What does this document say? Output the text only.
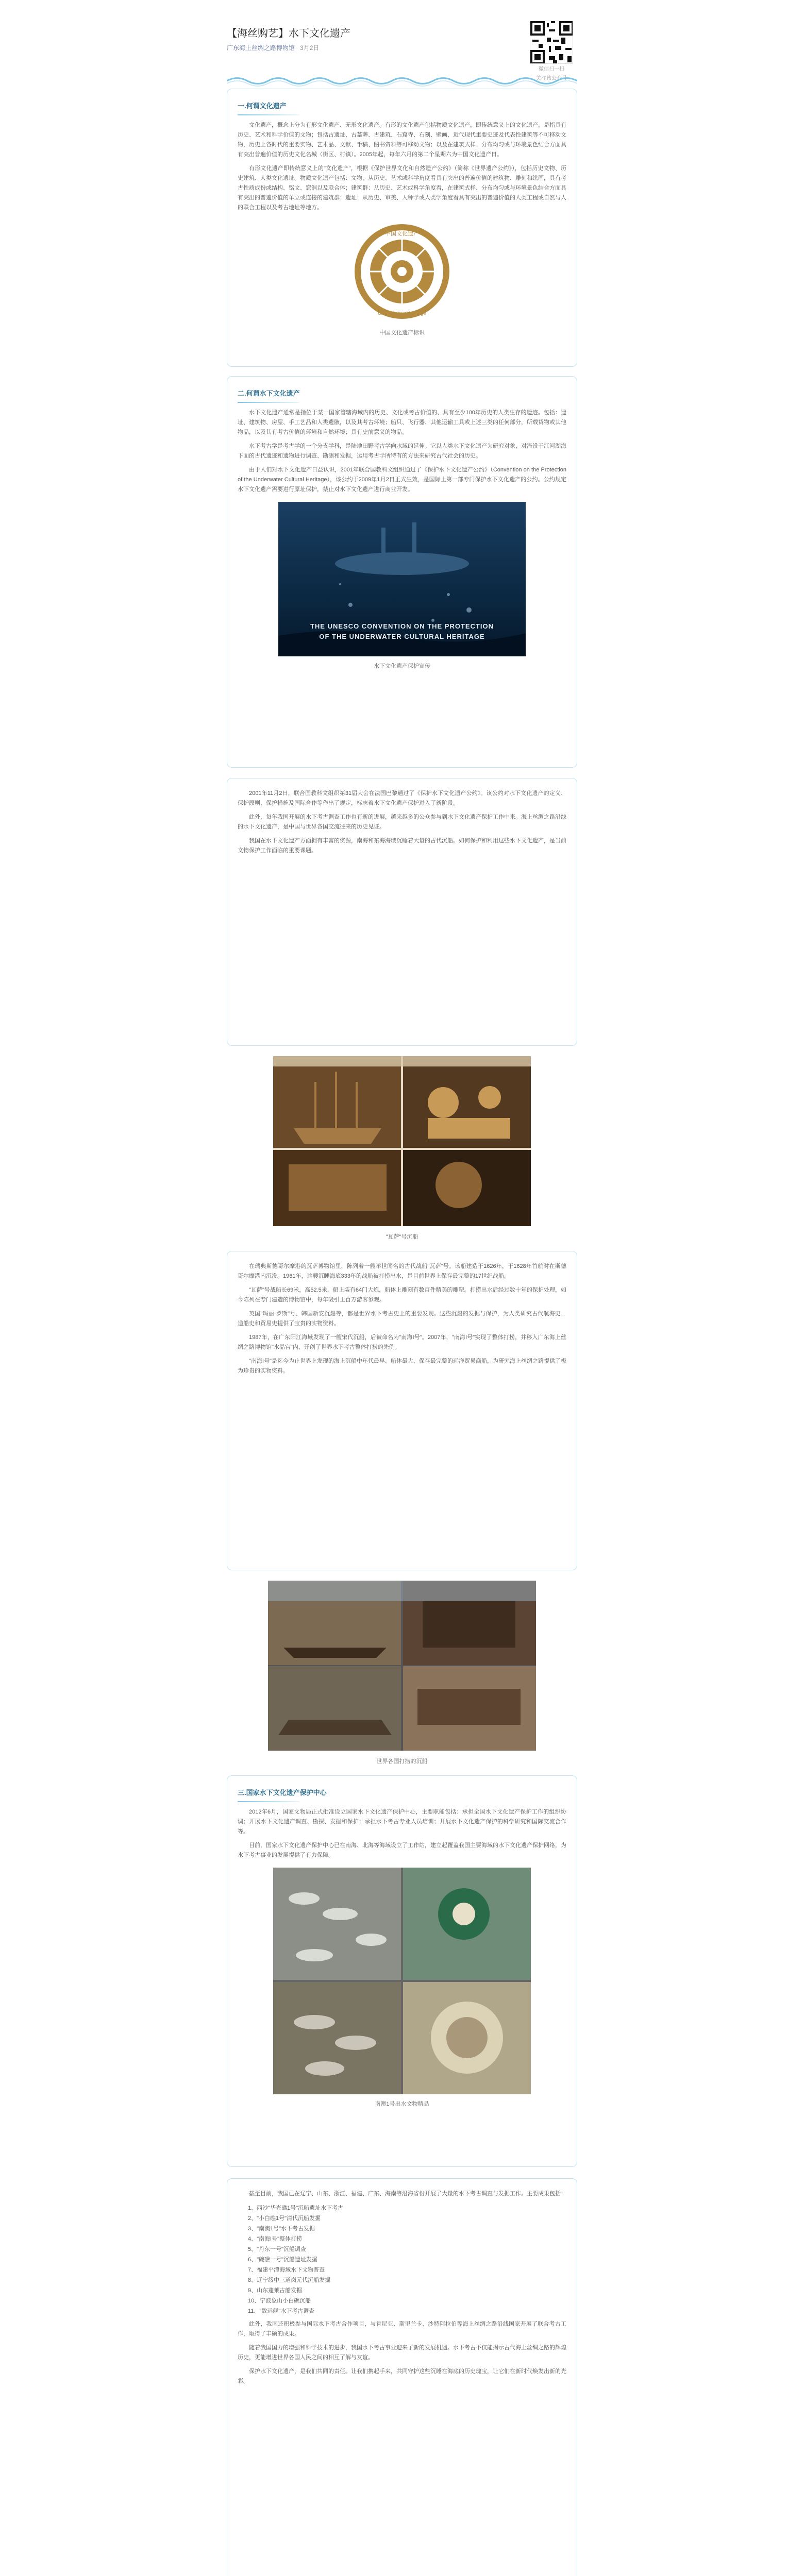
【海丝购艺】水下文化遗产
广东海上丝绸之路博物馆 3月2日
微信扫一扫
关注该公众号
一.何谓文化遗产

文化遗产，概念上分为有形文化遗产、无形文化遗产。有形的文化遗产包括物质文化遗产，即传统意义上的文化遗产，是指具有历史、艺术和科学价值的文物；包括古遗址、古墓葬、古建筑、石窟寺、石刻、壁画、近代现代重要史迹及代表性建筑等不可移动文物，历史上各时代的重要实物、艺术品、文献、手稿、图书资料等可移动文物；以及在建筑式样、分布均匀或与环境景色结合方面具有突出普遍价值的历史文化名城（街区、村镇）。2005年起，每年六月的第二个星期六为中国文化遗产日。

有形文化遗产即传统意义上的"文化遗产"，根据《保护世界文化和自然遗产公约》（简称《世界遗产公约》），包括历史文物、历史建筑、人类文化遗址。物质文化遗产包括：文物、从历史、艺术或科学角度看具有突出的普遍价值的建筑物、雕刻和绘画，具有考古性质成份或结构、铭文、窟洞以及联合体；建筑群：从历史、艺术或科学角度看，在建筑式样、分布均匀或与环境景色结合方面具有突出的普遍价值的单立或连接的建筑群；遗址：从历史、审美、人种学或人类学角度看具有突出的普遍价值的人类工程或自然与人的联合工程以及考古地址等地方。

中国文化遗产
China Cultural Heritage
中国文化遗产标识
二.何谓水下文化遗产

水下文化遗产通常是指位于某一国家管辖海域内的历史、文化或考古价值的、具有至少100年历史的人类生存的遗迹。包括：遗址、建筑物、房屋、手工艺品和人类遗骸，以及其考古环境；船只、飞行器、其他运输工具或上述三类的任何部分，所载货物或其他物品，以及其有考古价值的环境和自然环境；具有史前意义的物品。

水下考古学是考古学的一个分支学科，是陆地田野考古学向水域的延伸。它以人类水下文化遗产为研究对象，对淹没于江河湖海下面的古代遗迹和遗物进行调查、勘测和发掘，运用考古学所特有的方法来研究古代社会的历史。

由于人们对水下文化遗产日益认识，2001年联合国教科文组织通过了《保护水下文化遗产公约》（Convention on the Protection of the Underwater Cultural Heritage），该公约于2009年1月2日正式生效，是国际上第一部专门保护水下文化遗产的公约。公约规定水下文化遗产需要进行原址保护，禁止对水下文化遗产进行商业开发。

THE UNESCO CONVENTION ON THE PROTECTION
OF THE UNDERWATER CULTURAL HERITAGE
水下文化遗产保护宣传

2001年11月2日，联合国教科文组织第31届大会在法国巴黎通过了《保护水下文化遗产公约》。该公约对水下文化遗产的定义、保护原则、保护措施及国际合作等作出了规定，标志着水下文化遗产保护进入了新阶段。

此外，每年我国开展的水下考古调查工作也有新的进展，越来越多的公众参与到水下文化遗产保护工作中来。海上丝绸之路沿线的水下文化遗产，是中国与世界各国交流往来的历史见证。

我国在水下文化遗产方面拥有丰富的资源，南海和东海海域沉睡着大量的古代沉船。如何保护和利用这些水下文化遗产，是当前文物保护工作面临的重要课题。

"瓦萨"号沉船

在瑞典斯德哥尔摩港的瓦萨博物馆里，陈列着一艘举世闻名的古代战船"瓦萨"号。该船建造于1626年，于1628年首航时在斯德哥尔摩港内沉没。1961年，这艘沉睡海底333年的战船被打捞出水，是目前世界上保存最完整的17世纪战船。

"瓦萨"号战船长69米，高52.5米，船上装有64门大炮，船体上雕刻有数百件精美的雕塑。打捞出水后经过数十年的保护处理，如今陈列在专门建造的博物馆中，每年吸引上百万游客参观。

英国"玛丽·罗斯"号、韩国新安沉船等，都是世界水下考古史上的重要发现。这些沉船的发掘与保护，为人类研究古代航海史、造船史和贸易史提供了宝贵的实物资料。

1987年，在广东阳江海域发现了一艘宋代沉船，后被命名为"南海I号"。2007年，"南海I号"实现了整体打捞，并移入广东海上丝绸之路博物馆"水晶宫"内，开创了世界水下考古整体打捞的先例。

"南海I号"是迄今为止世界上发现的海上沉船中年代最早、船体最大、保存最完整的远洋贸易商船，为研究海上丝绸之路提供了极为珍贵的实物资料。

世界各国打捞的沉船
三.国家水下文化遗产保护中心

2012年6月，国家文物局正式批准设立国家水下文化遗产保护中心，主要职能包括：承担全国水下文化遗产保护工作的组织协调；开展水下文化遗产调查、勘探、发掘和保护；承担水下考古专业人员培训；开展水下文化遗产保护的科学研究和国际交流合作等。

目前，国家水下文化遗产保护中心已在南海、北海等海域设立了工作站，建立起覆盖我国主要海域的水下文化遗产保护网络，为水下考古事业的发展提供了有力保障。

南澳1号出水文物精品

截至目前，我国已在辽宁、山东、浙江、福建、广东、海南等沿海省份开展了大量的水下考古调查与发掘工作。主要成果包括：

1、西沙"华光礁1号"沉船遗址水下考古
2、"小白礁1号"清代沉船发掘
3、"南澳1号"水下考古发掘
4、"南海I号"整体打捞
5、"丹东一号"沉船调查
6、"碗礁一号"沉船遗址发掘
7、福建平潭海域水下文物普查
8、辽宁绥中三道岗元代沉船发掘
9、山东蓬莱古船发掘
10、宁波象山小白礁沉船
11、"致远舰"水下考古调查

此外，我国还积极参与国际水下考古合作项目，与肯尼亚、斯里兰卡、沙特阿拉伯等海上丝绸之路沿线国家开展了联合考古工作，取得了丰硕的成果。

随着我国国力的增强和科学技术的进步，我国水下考古事业迎来了新的发展机遇。水下考古不仅能揭示古代海上丝绸之路的辉煌历史，更能增进世界各国人民之间的相互了解与友谊。

保护水下文化遗产，是我们共同的责任。让我们携起手来，共同守护这些沉睡在海底的历史瑰宝，让它们在新时代焕发出新的光彩。
